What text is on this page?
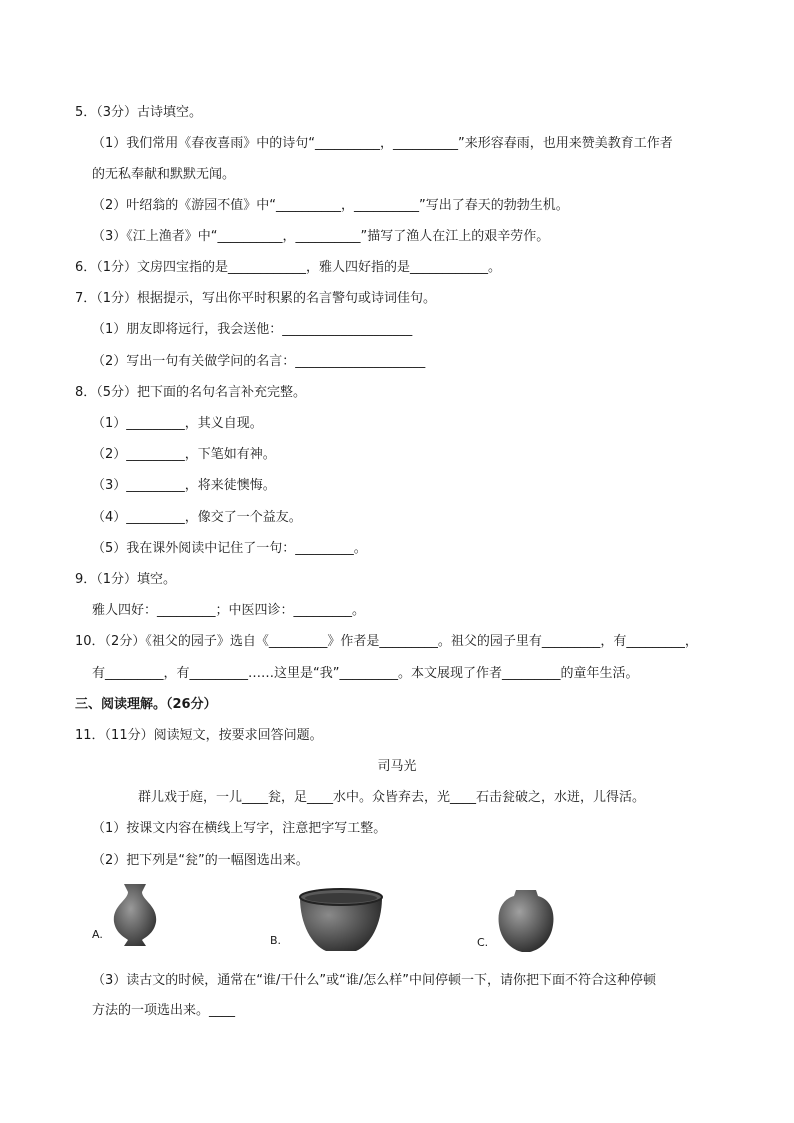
5．（3分）古诗填空。
（1）我们常用《春夜喜雨》中的诗句“__________，__________”来形容春雨，也用来赞美教育工作者
的无私奉献和默默无闻。
（2）叶绍翁的《游园不值》中“__________，__________”写出了春天的勃勃生机。
（3）《江上渔者》中“__________，__________”描写了渔人在江上的艰辛劳作。
6．（1分）文房四宝指的是____________，雅人四好指的是____________。
7．（1分）根据提示，写出你平时积累的名言警句或诗词佳句。
（1）朋友即将远行，我会送他：____________________
（2）写出一句有关做学问的名言：____________________
8．（5分）把下面的名句名言补充完整。
（1）_________，其义自现。
（2）_________，下笔如有神。
（3）_________，将来徒懊悔。
（4）_________，像交了一个益友。
（5）我在课外阅读中记住了一句：_________。
9．（1分）填空。
雅人四好：_________；中医四诊：_________。
10．（2分）《祖父的园子》选自《_________》作者是_________。祖父的园子里有_________，有_________，
有_________，有_________……这里是“我”_________。本文展现了作者_________的童年生活。
三、阅读理解。（26分）
11．（11分）阅读短文，按要求回答问题。
司马光
群儿戏于庭，一儿____瓮，足____水中。众皆弃去，光____石击瓮破之，水迸，儿得活。
（1）按课文内容在横线上写字，注意把字写工整。
（2）把下列是“瓮”的一幅图选出来。
A.	B.	C.
（3）读古文的时候，通常在“谁/干什么”或“谁/怎么样”中间停顿一下，请你把下面不符合这种停顿
方法的一项选出来。____
